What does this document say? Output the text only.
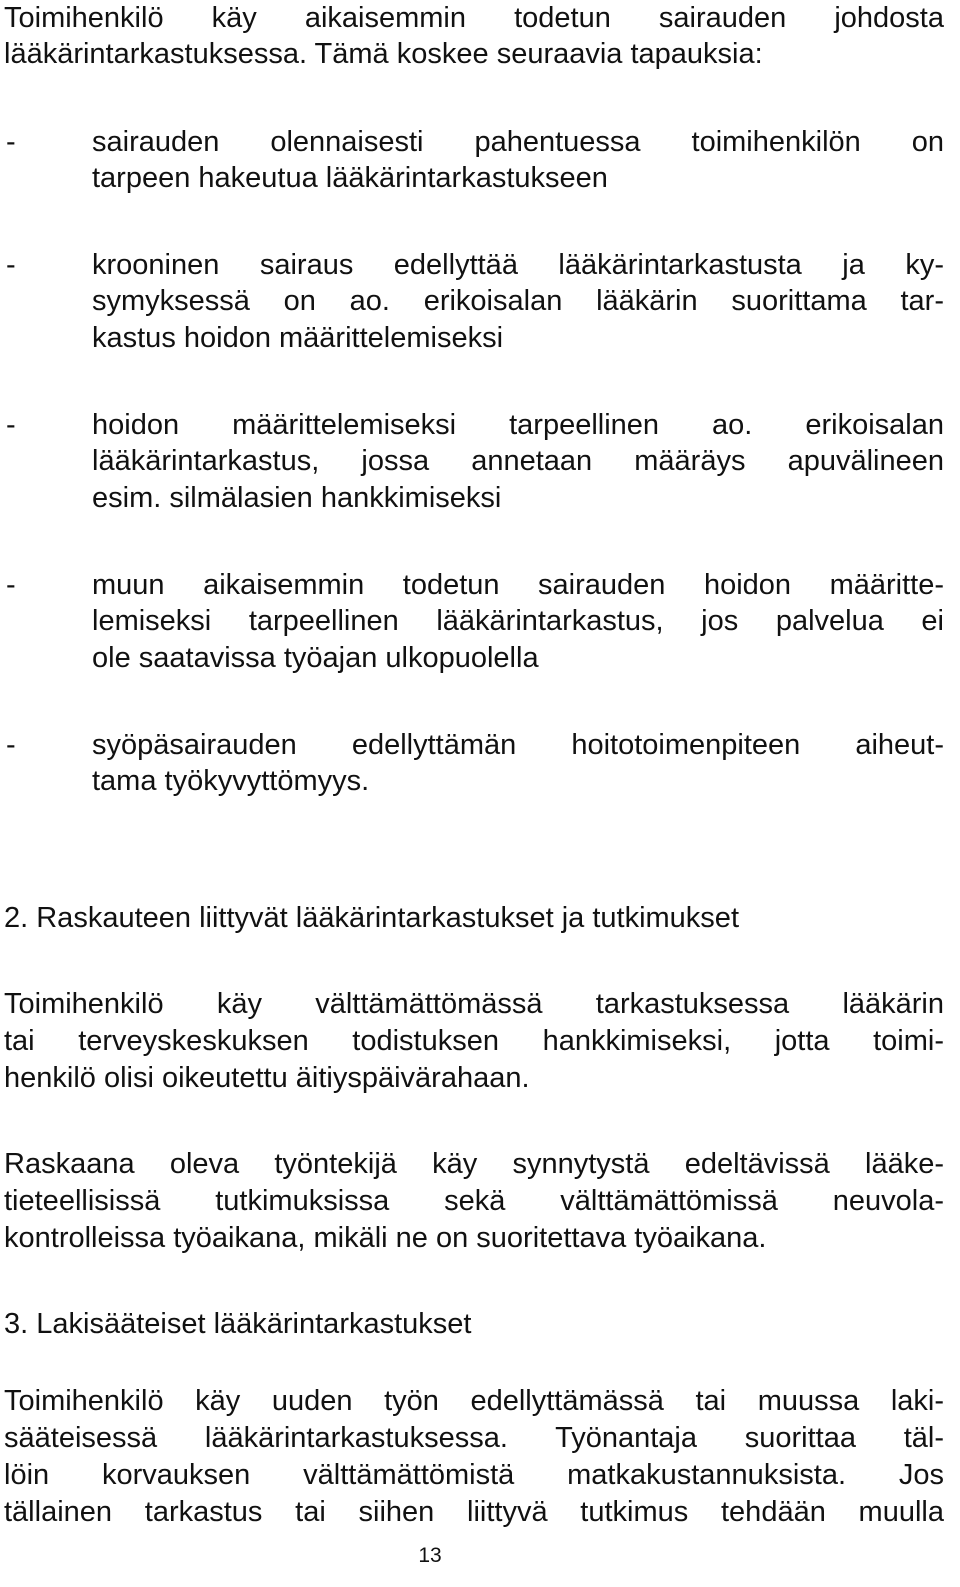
Toimihenkilö käy aikaisemmin todetun sairauden johdosta
lääkärintarkastuksessa. Tämä koskee seuraavia tapauksia:
-	sairauden olennaisesti pahentuessa toimihenkilön on
tarpeen hakeutua lääkärintarkastukseen
-	krooninen sairaus edellyttää lääkärintarkastusta ja ky-
symyksessä on ao. erikoisalan lääkärin suorittama tar-
kastus hoidon määrittelemiseksi
-	hoidon määrittelemiseksi tarpeellinen ao. erikoisalan
lääkärintarkastus, jossa annetaan määräys apuvälineen
esim. silmälasien hankkimiseksi
-	muun aikaisemmin todetun sairauden hoidon määritte-
lemiseksi tarpeellinen lääkärintarkastus, jos palvelua ei
ole saatavissa työajan ulkopuolella
-	syöpäsairauden edellyttämän hoitotoimenpiteen aiheut-
tama työkyvyttömyys.
2. Raskauteen liittyvät lääkärintarkastukset ja tutkimukset
Toimihenkilö käy välttämättömässä tarkastuksessa lääkärin
tai terveyskeskuksen todistuksen hankkimiseksi, jotta toimi-
henkilö olisi oikeutettu äitiyspäivärahaan.
Raskaana oleva työntekijä käy synnytystä edeltävissä lääke-
tieteellisissä tutkimuksissa sekä välttämättömissä neuvola-
kontrolleissa työaikana, mikäli ne on suoritettava työaikana.
3. Lakisääteiset lääkärintarkastukset
Toimihenkilö käy uuden työn edellyttämässä tai muussa laki-
sääteisessä lääkärintarkastuksessa. Työnantaja suorittaa täl-
löin korvauksen välttämättömistä matkakustannuksista. Jos
tällainen tarkastus tai siihen liittyvä tutkimus tehdään muulla
13
